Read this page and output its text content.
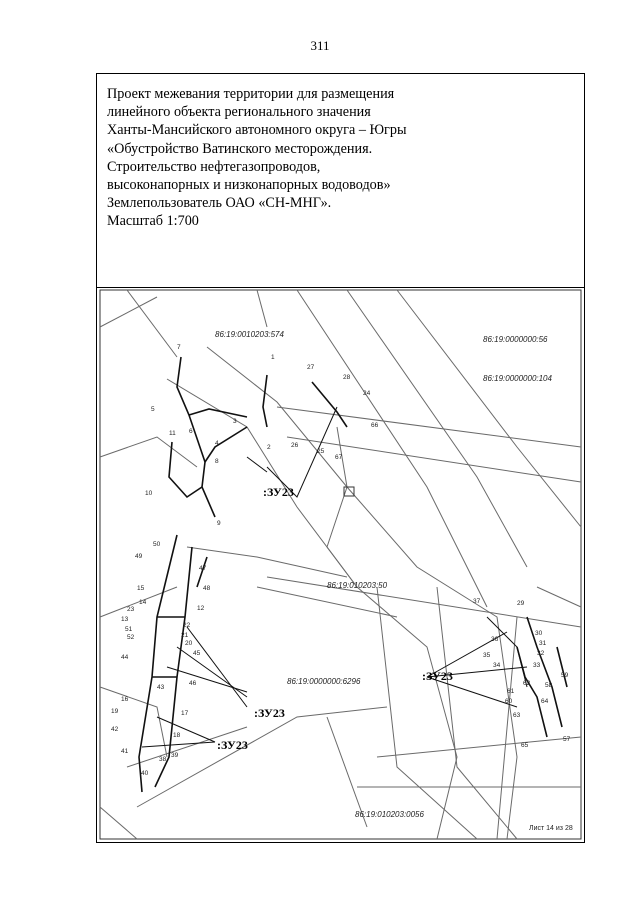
311
Проект межевания территории для размещения
линейного объекта регионального значения
Ханты-Мансийского автономного округа – Югры
«Обустройство Ватинского месторождения.
Строительство нефтегазопроводов,
высоконапорных и низконапорных водоводов»
Землепользователь ОАО «СН-МНГ».
Масштаб 1:700
86:19:0010203:574
86:19:0000000:56
86:19:0000000:104
86:19:010203:50
86:19:0000000:6296
86:19:010203:0056
:ЗУ23
:ЗУ23
:ЗУ23
:ЗУ23
Лист 14 из 28
7
5
6
3
4
1
2
11
8
10
9
27
28
24
66
26
25
67
50
49
47
48
15
14
12
23
13
51
22
52	21
20
44
45
46
43
16
17
19
42
18
41
39
40
38
37	29
36
30
31
35	32
34	33
59
58
62
60
61
63
65
64
57
